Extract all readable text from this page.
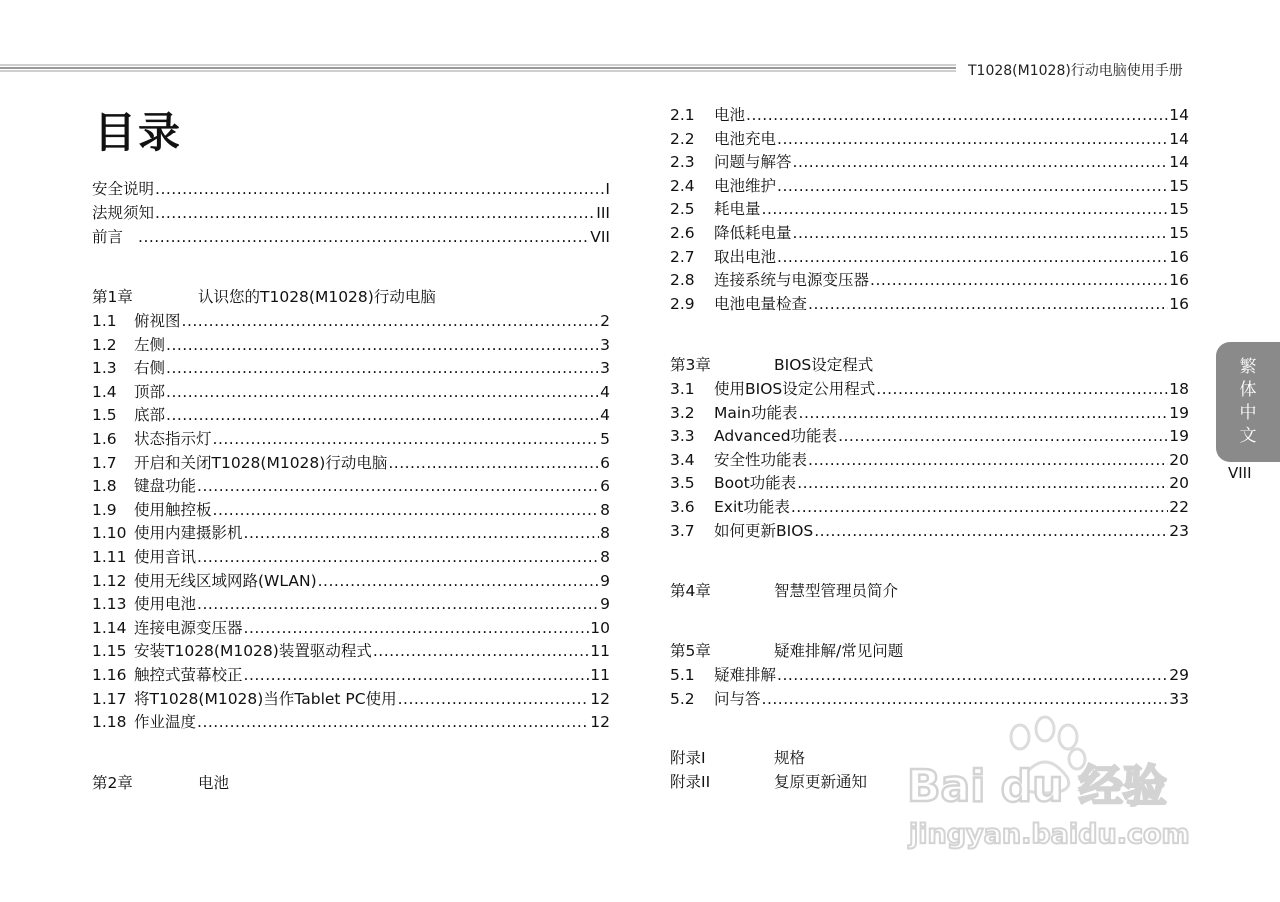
T1028(M1028)行动电脑使用手册
目录
安全说明 .....	I
法规须知 .....	III
前言 .....	VII
第1章	认识您的T1028(M1028)行动电脑
1.1	俯视图 .....	2
1.2	左侧 .....	3
1.3	右侧 .....	3
1.4	顶部 .....	4
1.5	底部 .....	4
1.6	状态指示灯 .....	5
1.7	开启和关闭T1028(M1028)行动电脑 .....	6
1.8	键盘功能 .....	6
1.9	使用触控板 .....	8
1.10 使用内建摄影机 .....	8
1.11 使用音讯 .....	8
1.12 使用无线区域网路(WLAN) .....	9
1.13 使用电池 .....	9
1.14 连接电源变压器 .....	10
1.15 安装T1028(M1028)装置驱动程式 .....	11
1.16 触控式萤幕校正 .....	11
1.17 将T1028(M1028)当作Tablet PC使用 .....	12
1.18 作业温度 .....	12
第2章	电池
2.1	电池 .....	14
2.2	电池充电 .....	14
2.3	问题与解答 .....	14
2.4	电池维护 .....	15
2.5	耗电量 .....	15
2.6	降低耗电量 .....	15
2.7	取出电池 .....	16
2.8	连接系统与电源变压器 .....	16
2.9	电池电量检查 .....	16
第3章	BIOS设定程式
3.1	使用BIOS设定公用程式 .....	18
3.2	Main功能表 .....	19
3.3	Advanced功能表 .....	19
3.4	安全性功能表 .....	20
3.5	Boot功能表 .....	20
3.6	Exit功能表 .....	22
3.7	如何更新BIOS .....	23
第4章	智慧型管理员简介
第5章	疑难排解/常见问题
5.1	疑难排解 .....	29
5.2	问与答 .....	33
附录I	规格
附录II	复原更新通知
繁
体
中
文
VIII
Bai du 经验
jingyan.baidu.com
